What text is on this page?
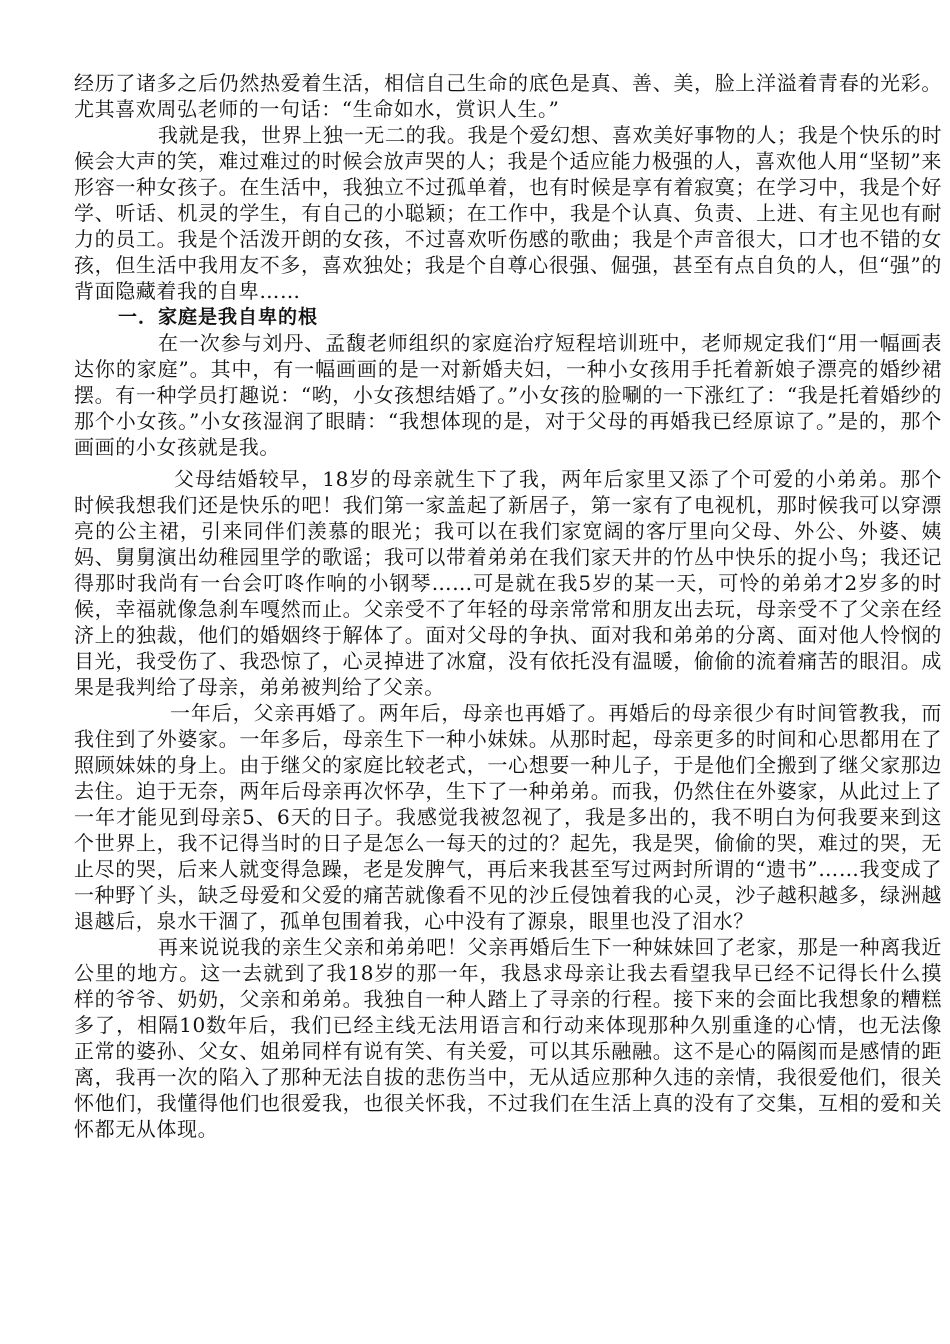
经历了诸多之后仍然热爱着生活，相信自己生命的底色是真、善、美，脸上洋溢着青春的光彩。尤其喜欢周弘老师的一句话：“生命如水，赏识人生。”

我就是我，世界上独一无二的我。我是个爱幻想、喜欢美好事物的人；我是个快乐的时候会大声的笑，难过难过的时候会放声哭的人；我是个适应能力极强的人，喜欢他人用“坚韧”来形容一种女孩子。在生活中，我独立不过孤单着，也有时候是享有着寂寞；在学习中，我是个好学、听话、机灵的学生，有自己的小聪颖；在工作中，我是个认真、负责、上进、有主见也有耐力的员工。我是个活泼开朗的女孩，不过喜欢听伤感的歌曲；我是个声音很大，口才也不错的女孩，但生活中我用友不多，喜欢独处；我是个自尊心很强、倔强，甚至有点自负的人，但“强”的背面隐藏着我的自卑……

一．家庭是我自卑的根

在一次参与刘丹、孟馥老师组织的家庭治疗短程培训班中，老师规定我们“用一幅画表达你的家庭”。其中，有一幅画画的是一对新婚夫妇，一种小女孩用手托着新娘子漂亮的婚纱裙摆。有一种学员打趣说：“哟，小女孩想结婚了。”小女孩的脸唰的一下涨红了：“我是托着婚纱的那个小女孩。”小女孩湿润了眼睛：“我想体现的是，对于父母的再婚我已经原谅了。”是的，那个画画的小女孩就是我。

父母结婚较早，18岁的母亲就生下了我，两年后家里又添了个可爱的小弟弟。那个时候我想我们还是快乐的吧！我们第一家盖起了新居子，第一家有了电视机，那时候我可以穿漂亮的公主裙，引来同伴们羡慕的眼光；我可以在我们家宽阔的客厅里向父母、外公、外婆、姨妈、舅舅演出幼稚园里学的歌谣；我可以带着弟弟在我们家天井的竹丛中快乐的捉小鸟；我还记得那时我尚有一台会叮咚作响的小钢琴……可是就在我5岁的某一天，可怜的弟弟才2岁多的时候，幸福就像急刹车嘎然而止。父亲受不了年轻的母亲常常和朋友出去玩，母亲受不了父亲在经济上的独裁，他们的婚姻终于解体了。面对父母的争执、面对我和弟弟的分离、面对他人怜悯的目光，我受伤了、我恐惊了，心灵掉进了冰窟，没有依托没有温暖，偷偷的流着痛苦的眼泪。成果是我判给了母亲，弟弟被判给了父亲。

一年后，父亲再婚了。两年后，母亲也再婚了。再婚后的母亲很少有时间管教我，而我住到了外婆家。一年多后，母亲生下一种小妹妹。从那时起，母亲更多的时间和心思都用在了照顾妹妹的身上。由于继父的家庭比较老式，一心想要一种儿子，于是他们全搬到了继父家那边去住。迫于无奈，两年后母亲再次怀孕，生下了一种弟弟。而我，仍然住在外婆家，从此过上了一年才能见到母亲5、6天的日子。我感觉我被忽视了，我是多出的，我不明白为何我要来到这个世界上，我不记得当时的日子是怎么一每天的过的？起先，我是哭，偷偷的哭，难过的哭，无止尽的哭，后来人就变得急躁，老是发脾气，再后来我甚至写过两封所谓的“遗书”……我变成了一种野丫头，缺乏母爱和父爱的痛苦就像看不见的沙丘侵蚀着我的心灵，沙子越积越多，绿洲越退越后，泉水干涸了，孤单包围着我，心中没有了源泉，眼里也没了泪水？

再来说说我的亲生父亲和弟弟吧！父亲再婚后生下一种妹妹回了老家，那是一种离我近公里的地方。这一去就到了我18岁的那一年，我恳求母亲让我去看望我早已经不记得长什么摸样的爷爷、奶奶，父亲和弟弟。我独自一种人踏上了寻亲的行程。接下来的会面比我想象的糟糕多了，相隔10数年后，我们已经主线无法用语言和行动来体现那种久别重逢的心情，也无法像正常的婆孙、父女、姐弟同样有说有笑、有关爱，可以其乐融融。这不是心的隔阂而是感情的距离，我再一次的陷入了那种无法自拔的悲伤当中，无从适应那种久违的亲情，我很爱他们，很关怀他们，我懂得他们也很爱我，也很关怀我，不过我们在生活上真的没有了交集，互相的爱和关怀都无从体现。
